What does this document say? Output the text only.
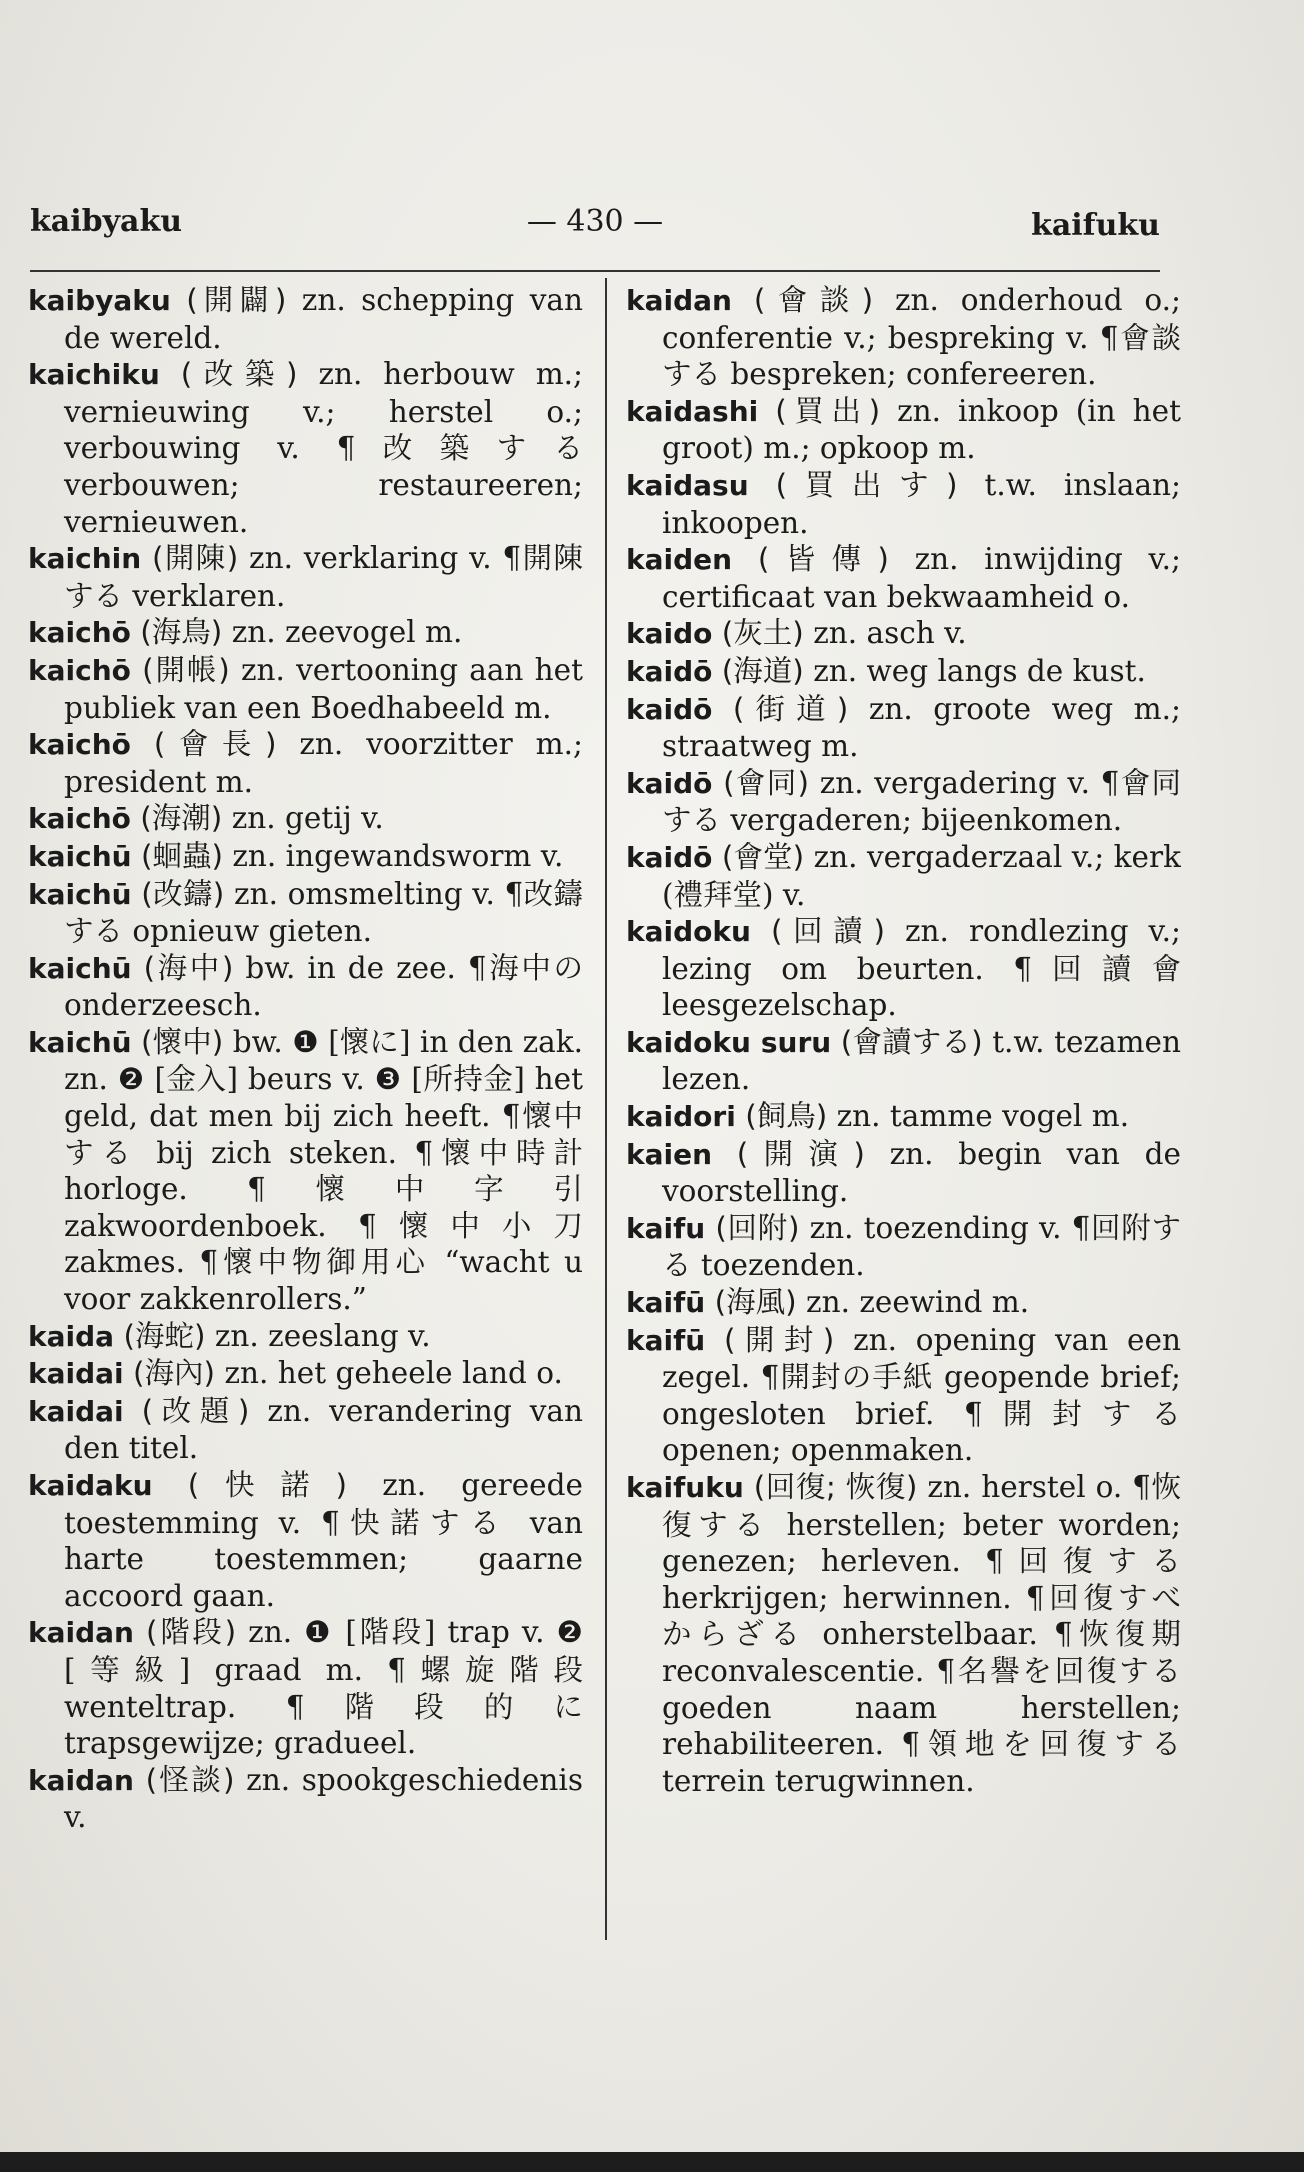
kaibyaku	— 430 —	kaifuku
kaibyaku (開闢) zn. schepping van de wereld.
kaichiku (改築) zn. herbouw m.; vernieuwing v.; herstel o.; verbouwing v. ¶改築する verbouwen; restaureeren; vernieuwen.
kaichin (開陳) zn. verklaring v. ¶開陳する verklaren.
kaichō (海鳥) zn. zeevogel m.
kaichō (開帳) zn. vertooning aan het publiek van een Boedhabeeld m.
kaichō (會長) zn. voorzitter m.; president m.
kaichō (海潮) zn. getij v.
kaichū (蛔蟲) zn. ingewandsworm v.
kaichū (改鑄) zn. omsmelting v. ¶改鑄する opnieuw gieten.
kaichū (海中) bw. in de zee. ¶海中の onderzeesch.
kaichū (懷中) bw. ❶ [懷に] in den zak. zn. ❷ [金入] beurs v. ❸ [所持金] het geld, dat men bij zich heeft. ¶懷中する bij zich steken. ¶懷中時計 horloge. ¶懷中字引 zakwoordenboek. ¶懷中小刀 zakmes. ¶懷中物御用心 “wacht u voor zakkenrollers.”
kaida (海蛇) zn. zeeslang v.
kaidai (海內) zn. het geheele land o.
kaidai (改題) zn. verandering van den titel.
kaidaku (快諾) zn. gereede toestemming v. ¶快諾する van harte toestemmen; gaarne accoord gaan.
kaidan (階段) zn. ❶ [階段] trap v. ❷ [等級] graad m. ¶螺旋階段 wenteltrap. ¶階段的に trapsgewijze; gradueel.
kaidan (怪談) zn. spookgeschiedenis v.
kaidan (會談) zn. onderhoud o.; conferentie v.; bespreking v. ¶會談する bespreken; confereeren.
kaidashi (買出) zn. inkoop (in het groot) m.; opkoop m.
kaidasu (買出す) t.w. inslaan; inkoopen.
kaiden (皆傳) zn. inwijding v.; certificaat van bekwaamheid o.
kaido (灰土) zn. asch v.
kaidō (海道) zn. weg langs de kust.
kaidō (街道) zn. groote weg m.; straatweg m.
kaidō (會同) zn. vergadering v. ¶會同する vergaderen; bijeenkomen.
kaidō (會堂) zn. vergaderzaal v.; kerk (禮拜堂) v.
kaidoku (回讀) zn. rondlezing v.; lezing om beurten. ¶回讀會 leesgezelschap.
kaidoku suru (會讀する) t.w. tezamen lezen.
kaidori (飼鳥) zn. tamme vogel m.
kaien (開演) zn. begin van de voorstelling.
kaifu (回附) zn. toezending v. ¶回附する toezenden.
kaifū (海風) zn. zeewind m.
kaifū (開封) zn. opening van een zegel. ¶開封の手紙 geopende brief; ongesloten brief. ¶開封する openen; openmaken.
kaifuku (回復; 恢復) zn. herstel o. ¶恢復する herstellen; beter worden; genezen; herleven. ¶回復する herkrijgen; herwinnen. ¶回復すべからざる onherstelbaar. ¶恢復期 reconvalescentie. ¶名譽を回復する goeden naam herstellen; rehabiliteeren. ¶領地を回復する terrein terugwinnen.
